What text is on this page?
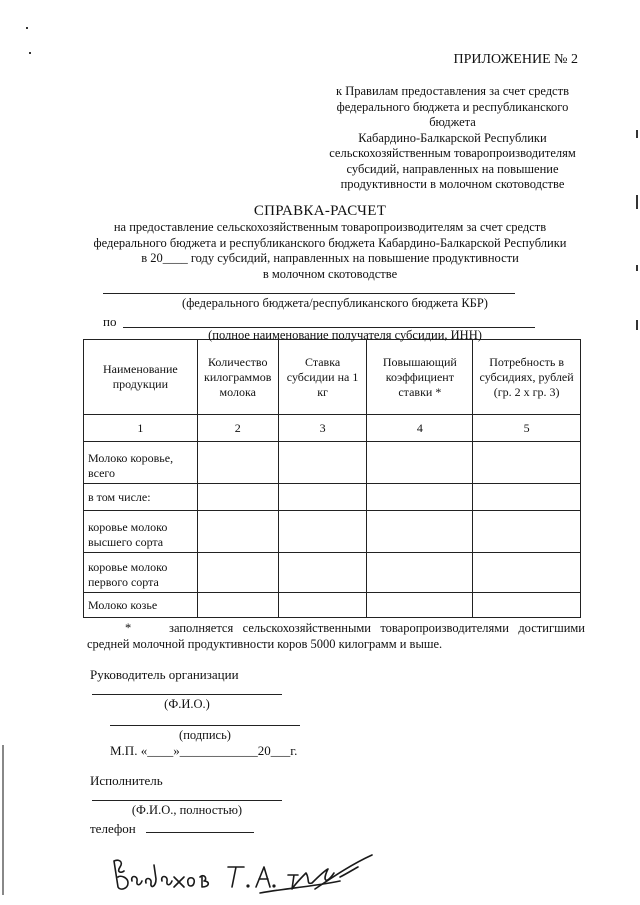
ПРИЛОЖЕНИЕ № 2
к Правилам предоставления за счет средств
федерального бюджета и республиканского
бюджета
Кабардино-Балкарской Республики
сельскохозяйственным товаропроизводителям
субсидий, направленных на повышение
продуктивности в молочном скотоводстве
СПРАВКА-РАСЧЕТ
на предоставление сельскохозяйственным товаропроизводителям за счет средств
федерального бюджета и республиканского бюджета Кабардино-Балкарской Республики
в 20____ году субсидий, направленных на повышение продуктивности
в молочном скотоводстве
(федерального бюджета/республиканского бюджета КБР)
по
(полное наименование получателя субсидии, ИНН)
Наименование продукции	Количество килограммов молока	Ставка субсидии на 1 кг	Повышающий коэффициент ставки *	Потребность в субсидиях, рублей (гр. 2 х гр. 3)
1	2	3	4	5
Молоко коровье, всего				
в том числе:				
коровье молоко высшего сорта				
коровье молоко первого сорта				
Молоко козье				
*	заполняется сельскохозяйственными товаропроизводителями достигшими средней молочной продуктивности коров 5000 килограмм и выше.
Руководитель организации
(Ф.И.О.)
(подпись)
М.П. «____»____________20___г.
Исполнитель
(Ф.И.О., полностью)
телефон
